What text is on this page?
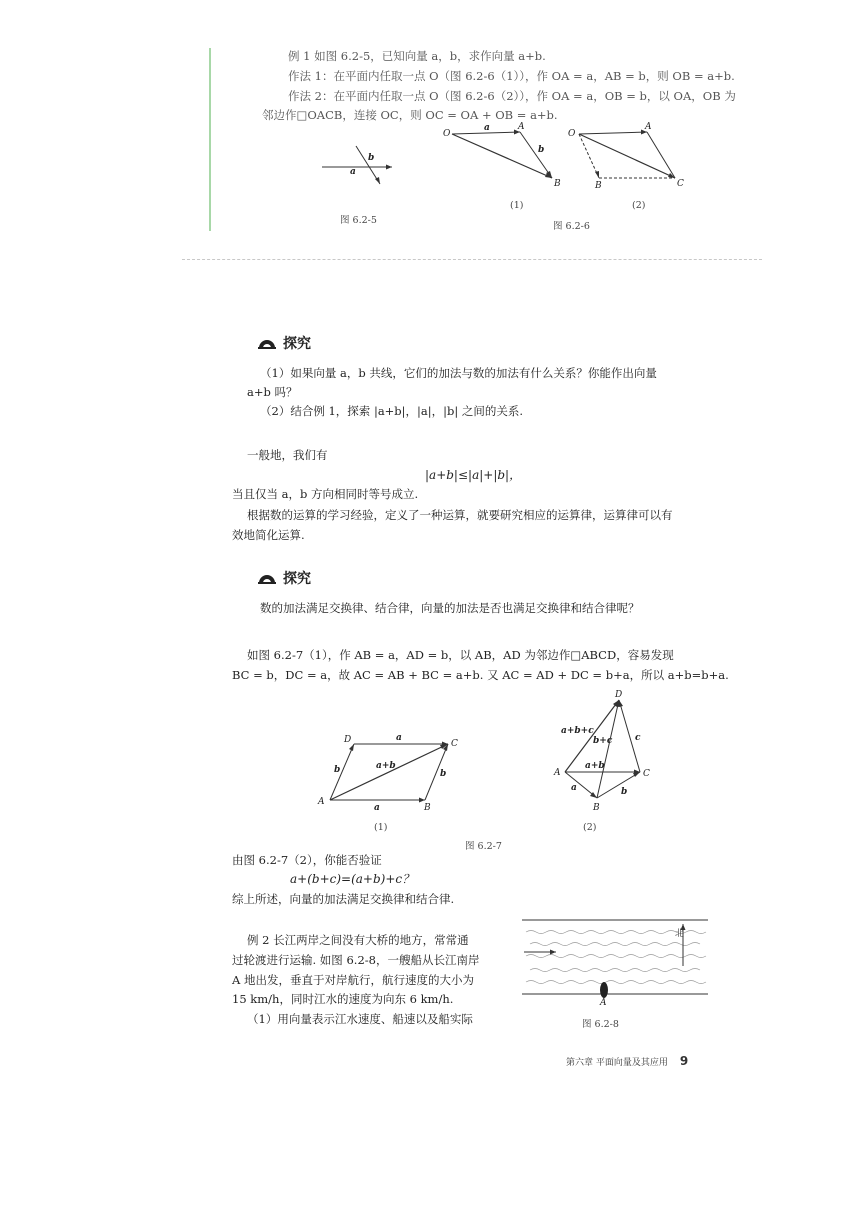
例 1 如图 6.2-5，已知向量 a，b，求作向量 a+b.
作法 1：在平面内任取一点 O（图 6.2-6（1）），作 OA = a，AB = b，则 OB = a+b.
作法 2：在平面内任取一点 O（图 6.2-6（2）），作 OA = a，OB = b，以 OA，OB 为
邻边作□OACB，连接 OC，则 OC = OA + OB = a+b.
a
b
图 6.2-5
O
A
B
a
b
(1)
O
A
B	C
(2)
图 6.2-6
探究
（1）如果向量 a，b 共线，它们的加法与数的加法有什么关系？你能作出向量
a+b 吗？
（2）结合例 1，探索 |a+b|，|a|，|b| 之间的关系.
一般地，我们有
|a+b|≤|a|+|b|，
当且仅当 a，b 方向相同时等号成立.
根据数的运算的学习经验，定义了一种运算，就要研究相应的运算律，运算律可以有
效地简化运算.
探究
数的加法满足交换律、结合律，向量的加法是否也满足交换律和结合律呢？
如图 6.2-7（1），作 AB = a，AD = b，以 AB，AD 为邻边作□ABCD，容易发现
BC = b，DC = a，故 AC = AB + BC = a+b. 又 AC = AD + DC = b+a，所以 a+b=b+a.
A
B
C
D
a
a
b	b
a+b
(1)
D
A	C
B
a+b+c
b+c	c
a+b
a	b
(2)
图 6.2-7
由图 6.2-7（2），你能否验证
a+(b+c)=(a+b)+c？
综上所述，向量的加法满足交换律和结合律.
例 2 长江两岸之间没有大桥的地方，常常通
过轮渡进行运输. 如图 6.2-8，一艘船从长江南岸
A 地出发，垂直于对岸航行，航行速度的大小为
15 km/h，同时江水的速度为向东 6 km/h.
（1）用向量表示江水速度、船速以及船实际
北
A
图 6.2-8
第六章 平面向量及其应用 9
